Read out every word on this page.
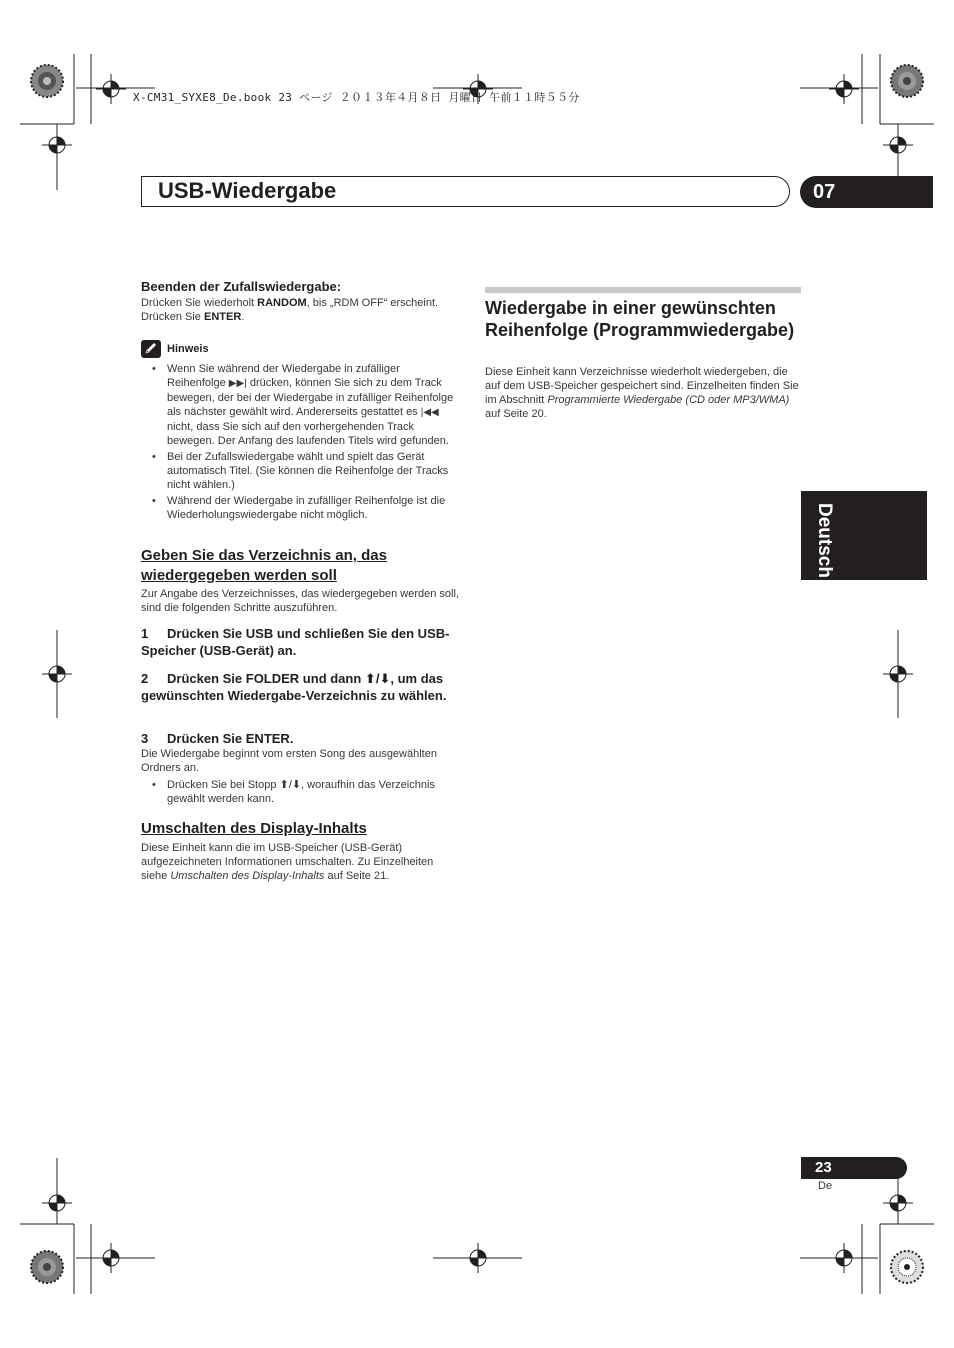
X-CM31_SYXE8_De.book 23 ページ ２０１３年４月８日 月曜日 午前１１時５５分
USB-Wiedergabe	07
Deutsch
Beenden der Zufallswiedergabe:
Drücken Sie wiederholt RANDOM, bis „RDM OFF“ erscheint.
Drücken Sie ENTER.
Hinweis
• Wenn Sie während der Wiedergabe in zufälliger Reihenfolge ▶▶| drücken, können Sie sich zu dem Track bewegen, der bei der Wiedergabe in zufälliger Reihenfolge als nächster gewählt wird. Andererseits gestattet es |◀◀ nicht, dass Sie sich auf den vorhergehenden Track bewegen. Der Anfang des laufenden Titels wird gefunden.
• Bei der Zufallswiedergabe wählt und spielt das Gerät automatisch Titel. (Sie können die Reihenfolge der Tracks nicht wählen.)
• Während der Wiedergabe in zufälliger Reihenfolge ist die Wiederholungswiedergabe nicht möglich.
Geben Sie das Verzeichnis an, das wiedergegeben werden soll
Zur Angabe des Verzeichnisses, das wiedergegeben werden soll, sind die folgenden Schritte auszuführen.
1 Drücken Sie USB und schließen Sie den USB-Speicher (USB-Gerät) an.
2 Drücken Sie FOLDER und dann ⬆/⬇, um das gewünschten Wiedergabe-Verzeichnis zu wählen.
3 Drücken Sie ENTER.
Die Wiedergabe beginnt vom ersten Song des ausgewählten Ordners an.
• Drücken Sie bei Stopp ⬆/⬇, woraufhin das Verzeichnis gewählt werden kann.
Umschalten des Display-Inhalts
Diese Einheit kann die im USB-Speicher (USB-Gerät) aufgezeichneten Informationen umschalten. Zu Einzelheiten siehe Umschalten des Display-Inhalts auf Seite 21.
Wiedergabe in einer gewünschten Reihenfolge (Programmwiedergabe)
Diese Einheit kann Verzeichnisse wiederholt wiedergeben, die auf dem USB-Speicher gespeichert sind. Einzelheiten finden Sie im Abschnitt Programmierte Wiedergabe (CD oder MP3/WMA) auf Seite 20.
23
De
